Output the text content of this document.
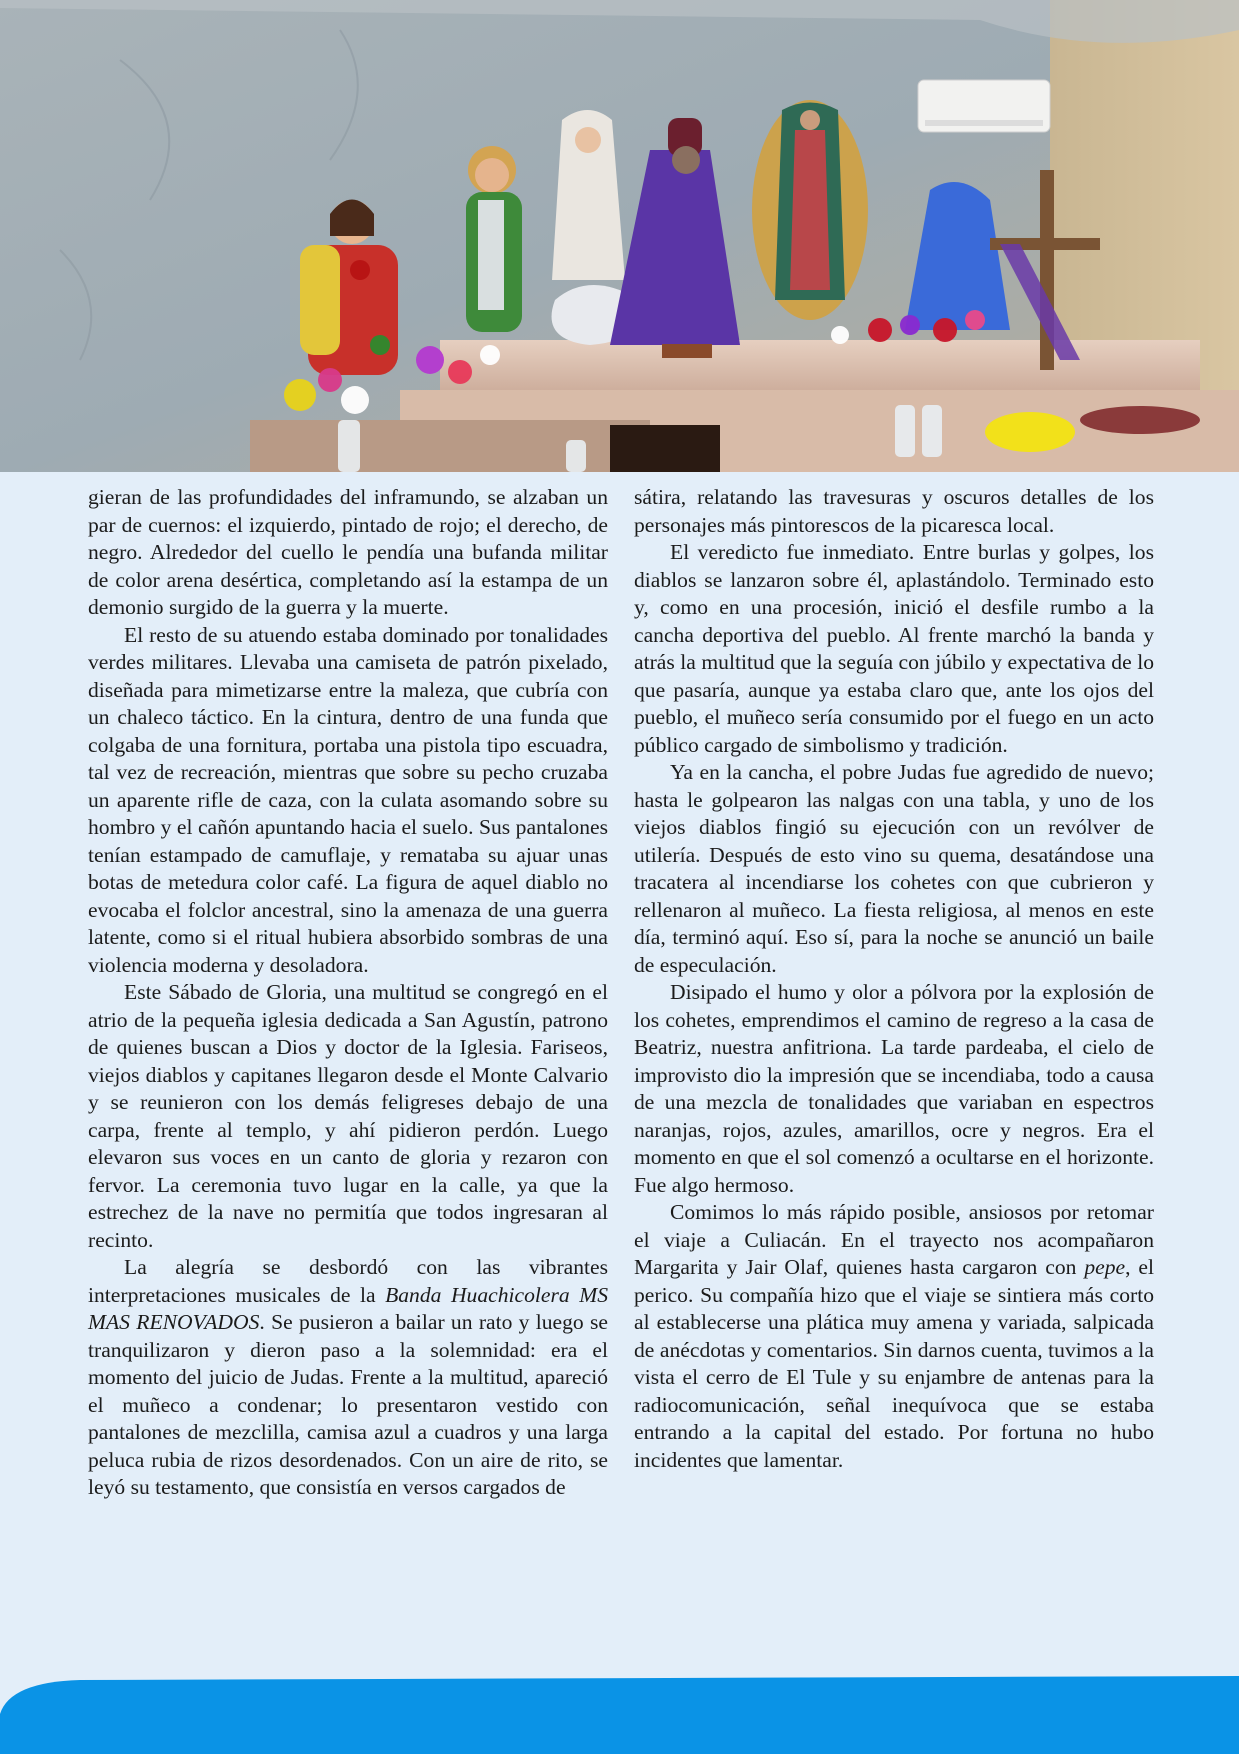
gieran de las profundidades del inframundo, se alzaban un par de cuernos: el izquierdo, pintado de rojo; el derecho, de negro. Alrededor del cuello le pendía una bufanda militar de color arena desértica, completando así la estampa de un demonio surgido de la guerra y la muerte.

El resto de su atuendo estaba dominado por tonalidades verdes militares. Llevaba una camiseta de patrón pixelado, diseñada para mimetizarse entre la maleza, que cubría con un chaleco táctico. En la cintura, dentro de una funda que colgaba de una fornitura, portaba una pistola tipo escuadra, tal vez de recreación, mientras que sobre su pecho cruzaba un aparente rifle de caza, con la culata asomando sobre su hombro y el cañón apuntando hacia el suelo. Sus pantalones tenían estampado de camuflaje, y remataba su ajuar unas botas de metedura color café. La figura de aquel diablo no evocaba el folclor ancestral, sino la amenaza de una guerra latente, como si el ritual hubiera absorbido sombras de una violencia moderna y desoladora.

Este Sábado de Gloria, una multitud se congregó en el atrio de la pequeña iglesia dedicada a San Agustín, patrono de quienes buscan a Dios y doctor de la Iglesia. Fariseos, viejos diablos y capitanes llegaron desde el Monte Calvario y se reunieron con los demás feligreses debajo de una carpa, frente al templo, y ahí pidieron perdón. Luego elevaron sus voces en un canto de gloria y rezaron con fervor. La ceremonia tuvo lugar en la calle, ya que la estrechez de la nave no permitía que todos ingresaran al recinto.

La alegría se desbordó con las vibrantes interpretaciones musicales de la Banda Huachicolera MS MAS RENOVADOS. Se pusieron a bailar un rato y luego se tranquilizaron y dieron paso a la solemnidad: era el momento del juicio de Judas. Frente a la multitud, apareció el muñeco a condenar; lo presentaron vestido con pantalones de mezclilla, camisa azul a cuadros y una larga peluca rubia de rizos desordenados. Con un aire de rito, se leyó su testamento, que consistía en versos cargados de

sátira, relatando las travesuras y oscuros detalles de los personajes más pintorescos de la picaresca local.

El veredicto fue inmediato. Entre burlas y golpes, los diablos se lanzaron sobre él, aplastándolo. Terminado esto y, como en una procesión, inició el desfile rumbo a la cancha deportiva del pueblo. Al frente marchó la banda y atrás la multitud que la seguía con júbilo y expectativa de lo que pasaría, aunque ya estaba claro que, ante los ojos del pueblo, el muñeco sería consumido por el fuego en un acto público cargado de simbolismo y tradición.

Ya en la cancha, el pobre Judas fue agredido de nuevo; hasta le golpearon las nalgas con una tabla, y uno de los viejos diablos fingió su ejecución con un revólver de utilería. Después de esto vino su quema, desatándose una tracatera al incendiarse los cohetes con que cubrieron y rellenaron al muñeco. La fiesta religiosa, al menos en este día, terminó aquí. Eso sí, para la noche se anunció un baile de especulación.

Disipado el humo y olor a pólvora por la explosión de los cohetes, emprendimos el camino de regreso a la casa de Beatriz, nuestra anfitriona. La tarde pardeaba, el cielo de improvisto dio la impresión que se incendiaba, todo a causa de una mezcla de tonalidades que variaban en espectros naranjas, rojos, azules, amarillos, ocre y negros. Era el momento en que el sol comenzó a ocultarse en el horizonte. Fue algo hermoso.

Comimos lo más rápido posible, ansiosos por retomar el viaje a Culiacán. En el trayecto nos acompañaron Margarita y Jair Olaf, quienes hasta cargaron con pepe, el perico. Su compañía hizo que el viaje se sintiera más corto al establecerse una plática muy amena y variada, salpicada de anécdotas y comentarios. Sin darnos cuenta, tuvimos a la vista el cerro de El Tule y su enjambre de antenas para la radiocomunicación, señal inequívoca que se estaba entrando a la capital del estado. Por fortuna no hubo incidentes que lamentar.
